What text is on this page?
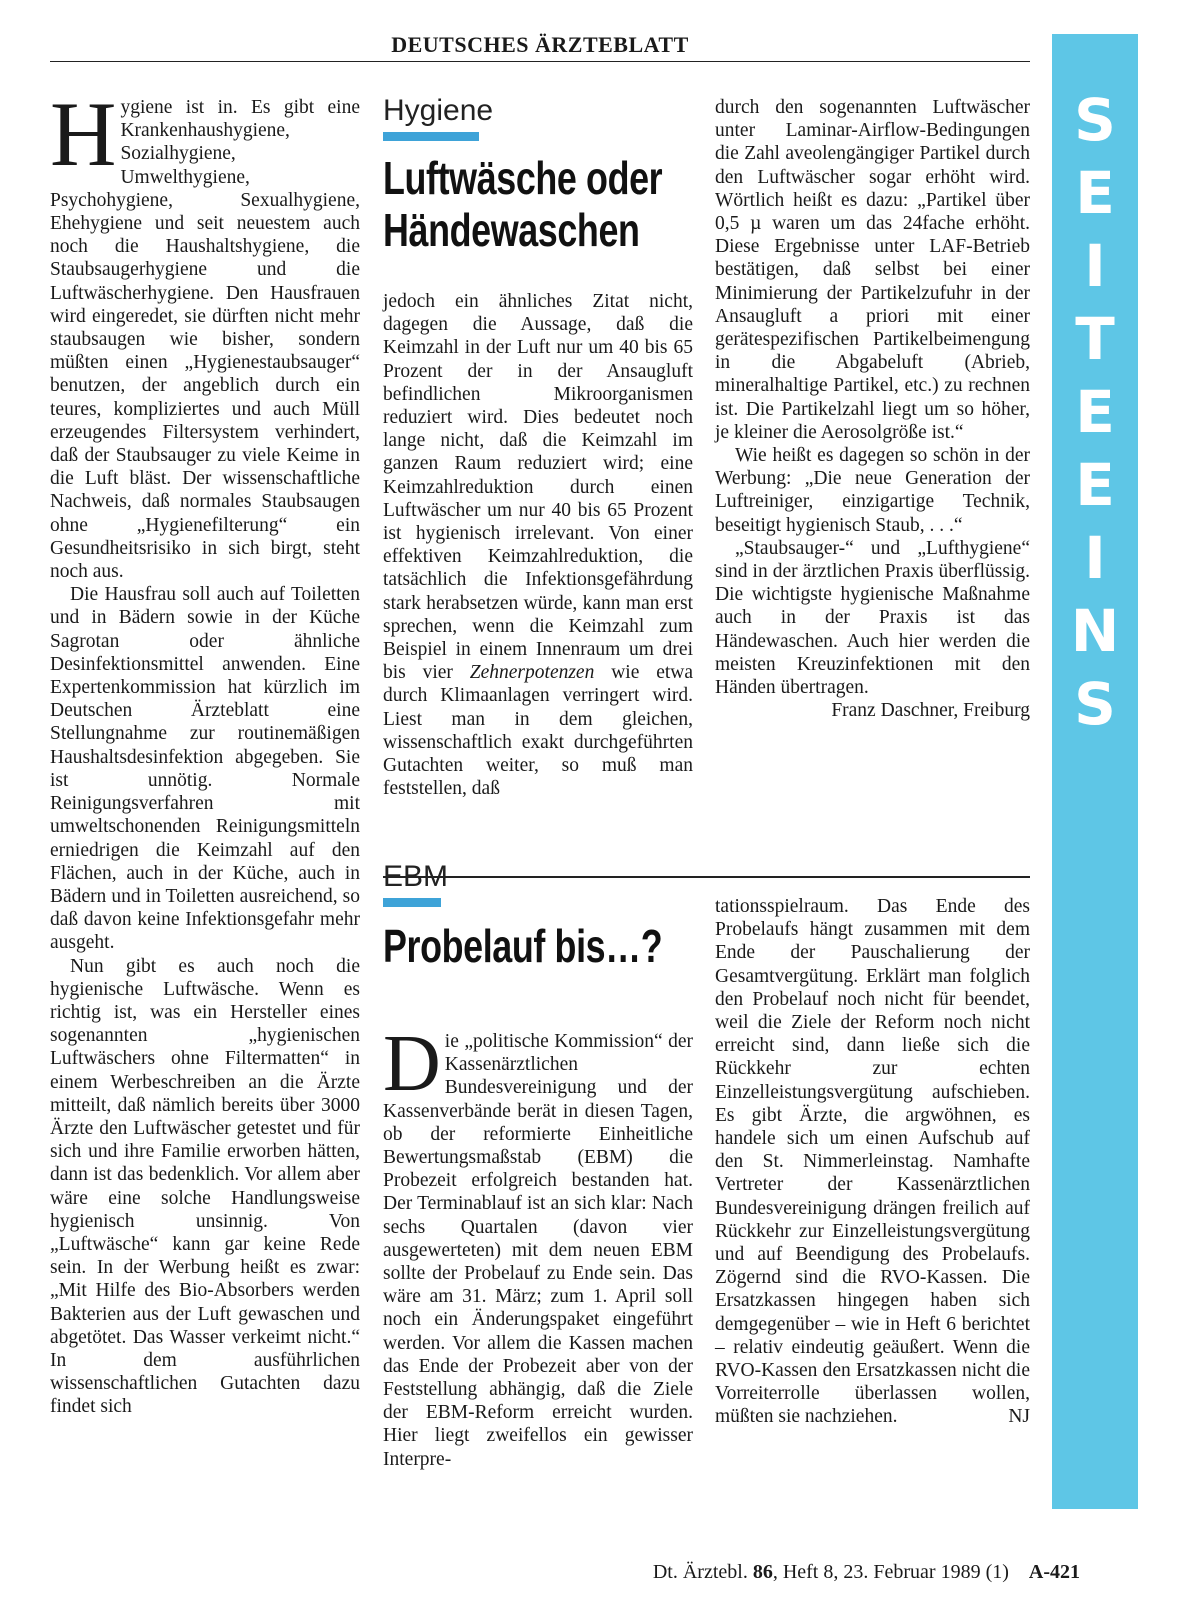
DEUTSCHES ÄRZTEBLATT
S
E
I
T
E
E
I
N
S
Hygiene
Luftwäsche oder
Händewaschen

Hygiene ist in. Es gibt eine Krankenhaushygiene, Sozialhygiene, Umwelthygiene, Psychohygiene, Sexualhygiene, Ehehygiene und seit neuestem auch noch die Haushaltshygiene, die Staubsaugerhygiene und die Luftwäscherhygiene. Den Hausfrauen wird eingeredet, sie dürften nicht mehr staubsaugen wie bisher, sondern müßten einen „Hygienestaubsauger“ benutzen, der angeblich durch ein teures, kompliziertes und auch Müll erzeugendes Filtersystem verhindert, daß der Staubsauger zu viele Keime in die Luft bläst. Der wissenschaftliche Nachweis, daß normales Staubsaugen ohne „Hygienefilterung“ ein Gesundheitsrisiko in sich birgt, steht noch aus.

Die Hausfrau soll auch auf Toiletten und in Bädern sowie in der Küche Sagrotan oder ähnliche Desinfektionsmittel anwenden. Eine Expertenkommission hat kürzlich im Deutschen Ärzteblatt eine Stellungnahme zur routinemäßigen Haushaltsdesinfektion abgegeben. Sie ist unnötig. Normale Reinigungsverfahren mit umweltschonenden Reinigungsmitteln erniedrigen die Keimzahl auf den Flächen, auch in der Küche, auch in Bädern und in Toiletten ausreichend, so daß davon keine Infektionsgefahr mehr ausgeht.

Nun gibt es auch noch die hygienische Luftwäsche. Wenn es richtig ist, was ein Hersteller eines sogenannten „hygienischen Luftwäschers ohne Filtermatten“ in einem Werbeschreiben an die Ärzte mitteilt, daß nämlich bereits über 3000 Ärzte den Luftwäscher getestet und für sich und ihre Familie erworben hätten, dann ist das bedenklich. Vor allem aber wäre eine solche Handlungsweise hygienisch unsinnig. Von „Luftwäsche“ kann gar keine Rede sein. In der Werbung heißt es zwar: „Mit Hilfe des Bio-Absorbers werden Bakterien aus der Luft gewaschen und abgetötet. Das Wasser verkeimt nicht.“ In dem ausführlichen wissenschaftlichen Gutachten dazu findet sich

jedoch ein ähnliches Zitat nicht, dagegen die Aussage, daß die Keimzahl in der Luft nur um 40 bis 65 Prozent der in der Ansaugluft befindlichen Mikroorganismen reduziert wird. Dies bedeutet noch lange nicht, daß die Keimzahl im ganzen Raum reduziert wird; eine Keimzahlreduktion durch einen Luftwäscher um nur 40 bis 65 Prozent ist hygienisch irrelevant. Von einer effektiven Keimzahlreduktion, die tatsächlich die Infektionsgefährdung stark herabsetzen würde, kann man erst sprechen, wenn die Keimzahl zum Beispiel in einem Innenraum um drei bis vier Zehnerpotenzen wie etwa durch Klimaanlagen verringert wird. Liest man in dem gleichen, wissenschaftlich exakt durchgeführten Gutachten weiter, so muß man feststellen, daß

durch den sogenannten Luftwäscher unter Laminar-Airflow-Bedingungen die Zahl aveolengängiger Partikel durch den Luftwäscher sogar erhöht wird. Wörtlich heißt es dazu: „Partikel über 0,5 µ waren um das 24fache erhöht. Diese Ergebnisse unter LAF-Betrieb bestätigen, daß selbst bei einer Minimierung der Partikelzufuhr in der Ansaugluft a priori mit einer gerätespezifischen Partikelbeimengung in die Abgabeluft (Abrieb, mineralhaltige Partikel, etc.) zu rechnen ist. Die Partikelzahl liegt um so höher, je kleiner die Aerosolgröße ist.“

Wie heißt es dagegen so schön in der Werbung: „Die neue Generation der Luftreiniger, einzigartige Technik, beseitigt hygienisch Staub, . . .“

„Staubsauger-“ und „Lufthygiene“ sind in der ärztlichen Praxis überflüssig. Die wichtigste hygienische Maßnahme auch in der Praxis ist das Händewaschen. Auch hier werden die meisten Kreuzinfektionen mit den Händen übertragen.

Franz Daschner, Freiburg

EBM
Probelauf bis…?

Die „politische Kommission“ der Kassenärztlichen Bundesvereinigung und der Kassenverbände berät in diesen Tagen, ob der reformierte Einheitliche Bewertungsmaßstab (EBM) die Probezeit erfolgreich bestanden hat. Der Terminablauf ist an sich klar: Nach sechs Quartalen (davon vier ausgewerteten) mit dem neuen EBM sollte der Probelauf zu Ende sein. Das wäre am 31. März; zum 1. April soll noch ein Änderungspaket eingeführt werden. Vor allem die Kassen machen das Ende der Probezeit aber von der Feststellung abhängig, daß die Ziele der EBM-Reform erreicht wurden. Hier liegt zweifellos ein gewisser Interpre-

tationsspielraum. Das Ende des Probelaufs hängt zusammen mit dem Ende der Pauschalierung der Gesamtvergütung. Erklärt man folglich den Probelauf noch nicht für beendet, weil die Ziele der Reform noch nicht erreicht sind, dann ließe sich die Rückkehr zur echten Einzelleistungsvergütung aufschieben. Es gibt Ärzte, die argwöhnen, es handele sich um einen Aufschub auf den St. Nimmerleinstag. Namhafte Vertreter der Kassenärztlichen Bundesvereinigung drängen freilich auf Rückkehr zur Einzelleistungsvergütung und auf Beendigung des Probelaufs. Zögernd sind die RVO-Kassen. Die Ersatzkassen hingegen haben sich demgegenüber – wie in Heft 6 berichtet – relativ eindeutig geäußert. Wenn die RVO-Kassen den Ersatzkassen nicht die Vorreiterrolle überlassen wollen, müßten sie nachziehen.	NJ

Dt. Ärztebl. 86, Heft 8, 23. Februar 1989 (1) A-421
